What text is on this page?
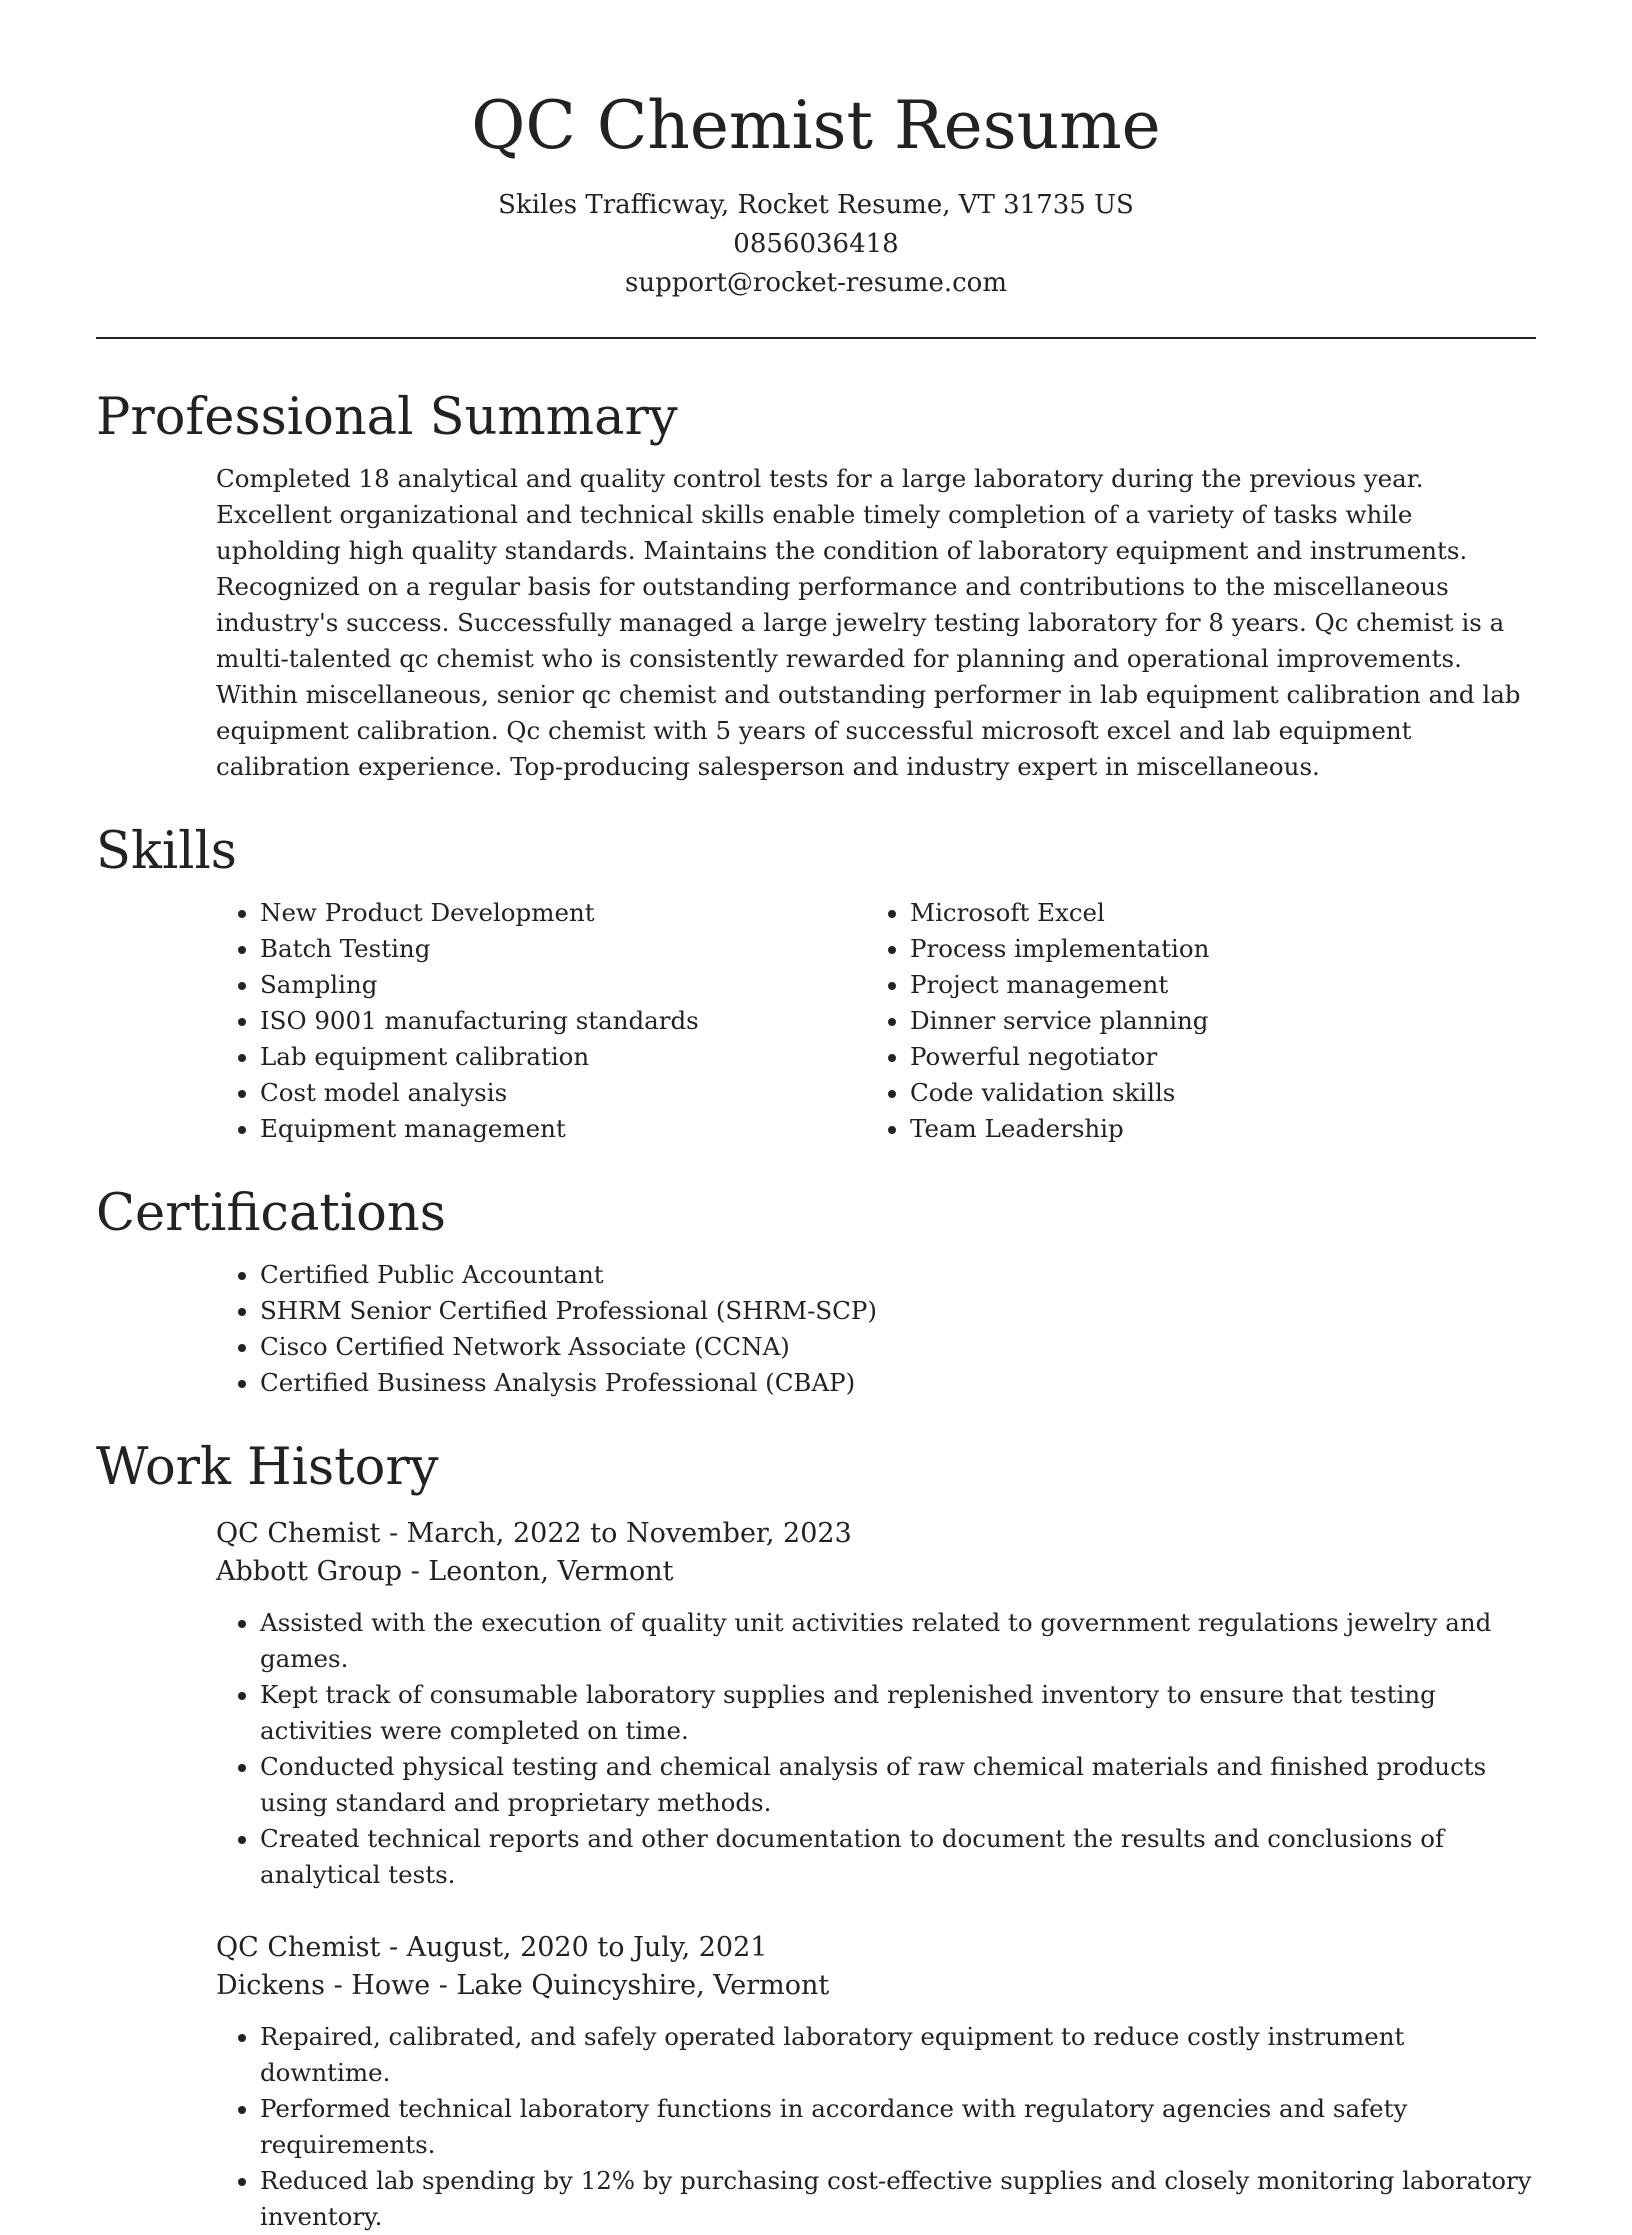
QC Chemist Resume
Skiles Trafficway, Rocket Resume, VT 31735 US
0856036418
support@rocket-resume.com
Professional Summary

Completed 18 analytical and quality control tests for a large laboratory during the previous year. Excellent organizational and technical skills enable timely completion of a variety of tasks while upholding high quality standards. Maintains the condition of laboratory equipment and instruments. Recognized on a regular basis for outstanding performance and contributions to the miscellaneous industry's success. Successfully managed a large jewelry testing laboratory for 8 years. Qc chemist is a multi-talented qc chemist who is consistently rewarded for planning and operational improvements. Within miscellaneous, senior qc chemist and outstanding performer in lab equipment calibration and lab equipment calibration. Qc chemist with 5 years of successful microsoft excel and lab equipment calibration experience. Top-producing salesperson and industry expert in miscellaneous.

Skills
• New Product Development
• Batch Testing
• Sampling
• ISO 9001 manufacturing standards
• Lab equipment calibration
• Cost model analysis
• Equipment management
• Microsoft Excel
• Process implementation
• Project management
• Dinner service planning
• Powerful negotiator
• Code validation skills
• Team Leadership
Certifications
• Certified Public Accountant
• SHRM Senior Certified Professional (SHRM-SCP)
• Cisco Certified Network Associate (CCNA)
• Certified Business Analysis Professional (CBAP)
Work History

QC Chemist - March, 2022 to November, 2023

Abbott Group - Leonton, Vermont

• Assisted with the execution of quality unit activities related to government regulations jewelry and games.
• Kept track of consumable laboratory supplies and replenished inventory to ensure that testing activities were completed on time.
• Conducted physical testing and chemical analysis of raw chemical materials and finished products using standard and proprietary methods.
• Created technical reports and other documentation to document the results and conclusions of analytical tests.

QC Chemist - August, 2020 to July, 2021

Dickens - Howe - Lake Quincyshire, Vermont

• Repaired, calibrated, and safely operated laboratory equipment to reduce costly instrument downtime.
• Performed technical laboratory functions in accordance with regulatory agencies and safety requirements.
• Reduced lab spending by 12% by purchasing cost-effective supplies and closely monitoring laboratory inventory.
